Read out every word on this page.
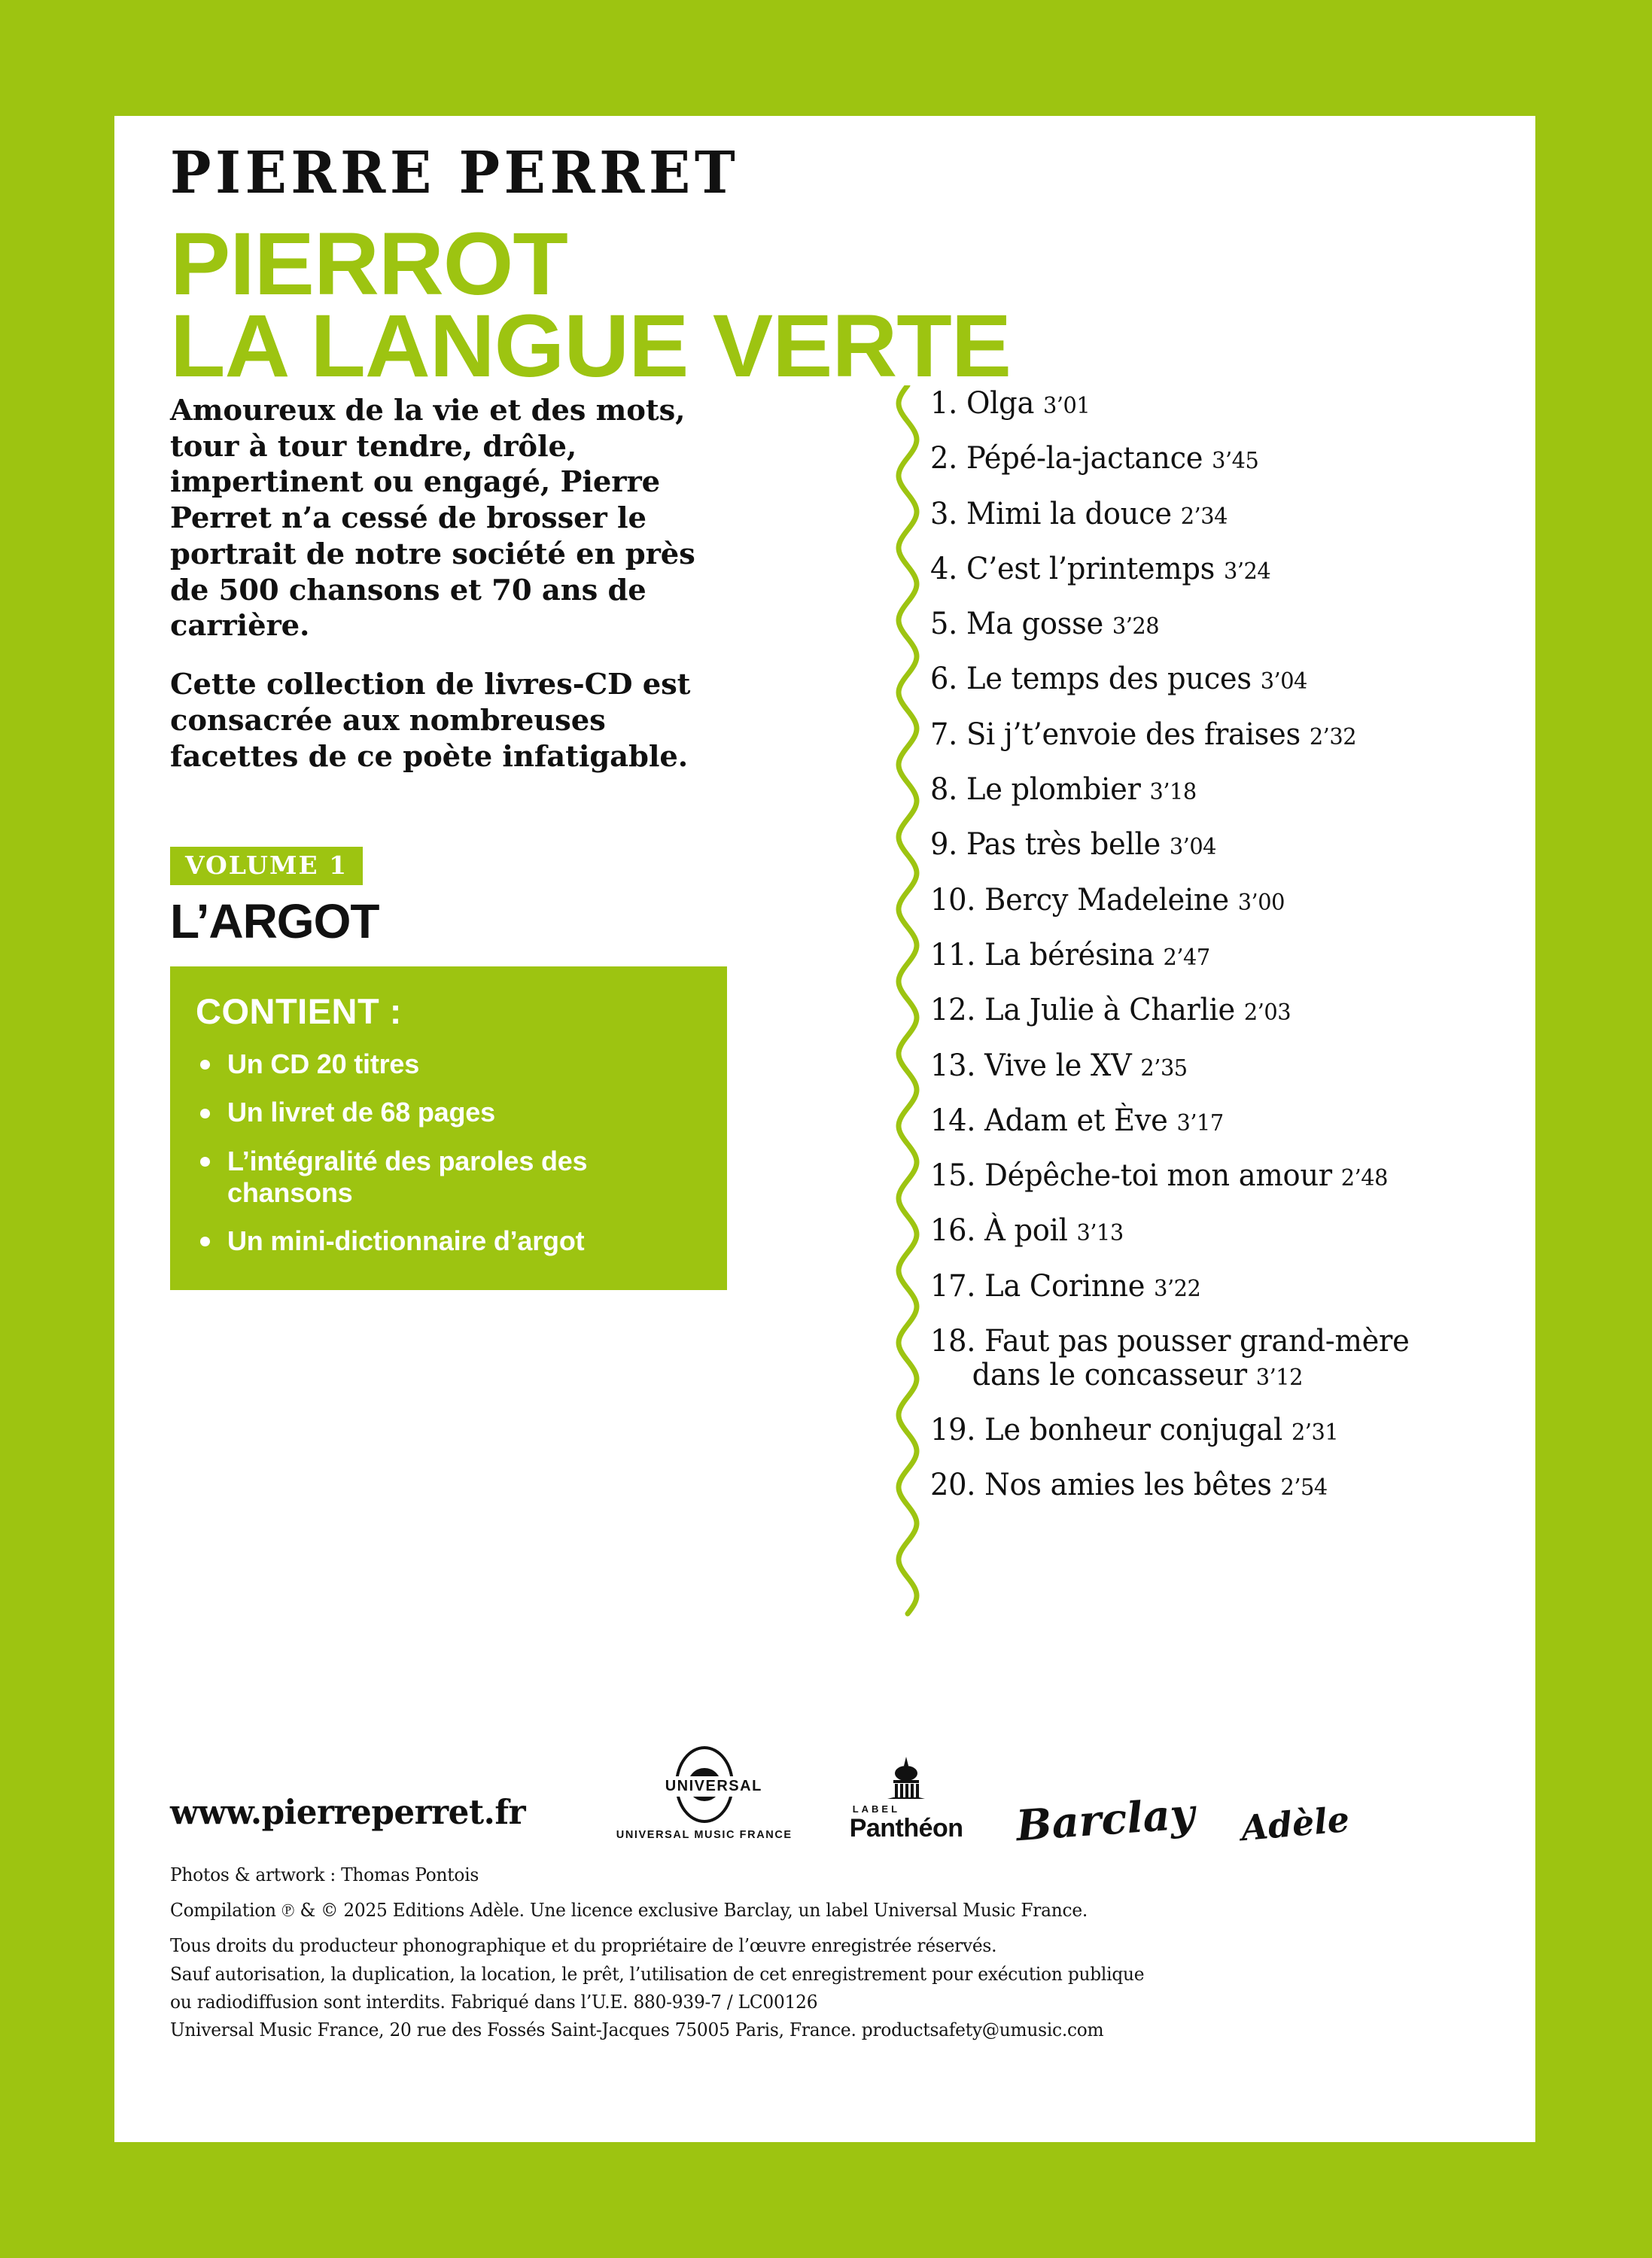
PIERRE PERRET
PIERROT
LA LANGUE VERTE

Amoureux de la vie et des mots, tour à tour tendre, drôle, impertinent ou engagé, Pierre Perret n’a cessé de brosser le portrait de notre société en près de 500 chansons et 70 ans de carrière.

Cette collection de livres-CD est consacrée aux nombreuses facettes de ce poète infatigable.

VOLUME 1
L’ARGOT
CONTIENT :
Un CD 20 titres
Un livret de 68 pages
L’intégralité des paroles des chansons
Un mini-dictionnaire d’argot
1. Olga 3’01
2. Pépé-la-jactance 3’45
3. Mimi la douce 2’34
4. C’est l’printemps 3’24
5. Ma gosse 3’28
6. Le temps des puces 3’04
7. Si j’t’envoie des fraises 2’32
8. Le plombier 3’18
9. Pas très belle 3’04
10. Bercy Madeleine 3’00
11. La bérésina 2’47
12. La Julie à Charlie 2’03
13. Vive le XV 2’35
14. Adam et Ève 3’17
15. Dépêche-toi mon amour 2’48
16. À poil 3’13
17. La Corinne 3’22
18. Faut pas pousser grand-mère
dans le concasseur 3’12
19. Le bonheur conjugal 2’31
20. Nos amies les bêtes 2’54
www.pierreperret.fr
UNIVERSAL
UNIVERSAL MUSIC FRANCE
LABEL
Panthéon Barclay Adèle

Photos & artwork : Thomas Pontois

Compilation ℗ & © 2025 Editions Adèle. Une licence exclusive Barclay, un label Universal Music France.

Tous droits du producteur phonographique et du propriétaire de l’œuvre enregistrée réservés.

Sauf autorisation, la duplication, la location, le prêt, l’utilisation de cet enregistrement pour exécution publique

ou radiodiffusion sont interdits. Fabriqué dans l’U.E. 880-939-7 / LC00126

Universal Music France, 20 rue des Fossés Saint-Jacques 75005 Paris, France. productsafety@umusic.com
